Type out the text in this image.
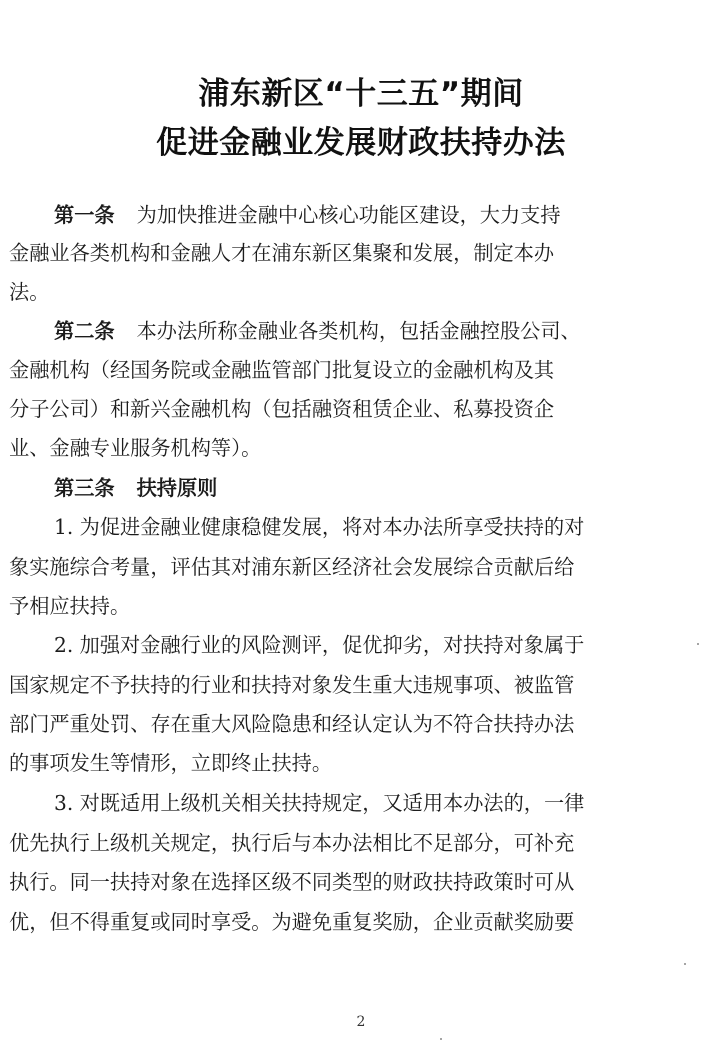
浦东新区“十三五”期间
促进金融业发展财政扶持办法
第一条 为加快推进金融中心核心功能区建设，大力支持
金融业各类机构和金融人才在浦东新区集聚和发展，制定本办
法。
第二条 本办法所称金融业各类机构，包括金融控股公司、
金融机构（经国务院或金融监管部门批复设立的金融机构及其
分子公司）和新兴金融机构（包括融资租赁企业、私募投资企
业、金融专业服务机构等）。
第三条 扶持原则
1. 为促进金融业健康稳健发展，将对本办法所享受扶持的对
象实施综合考量，评估其对浦东新区经济社会发展综合贡献后给
予相应扶持。
2. 加强对金融行业的风险测评，促优抑劣，对扶持对象属于
国家规定不予扶持的行业和扶持对象发生重大违规事项、被监管
部门严重处罚、存在重大风险隐患和经认定认为不符合扶持办法
的事项发生等情形，立即终止扶持。
3. 对既适用上级机关相关扶持规定，又适用本办法的，一律
优先执行上级机关规定，执行后与本办法相比不足部分，可补充
执行。同一扶持对象在选择区级不同类型的财政扶持政策时可从
优，但不得重复或同时享受。为避免重复奖励，企业贡献奖励要
2
